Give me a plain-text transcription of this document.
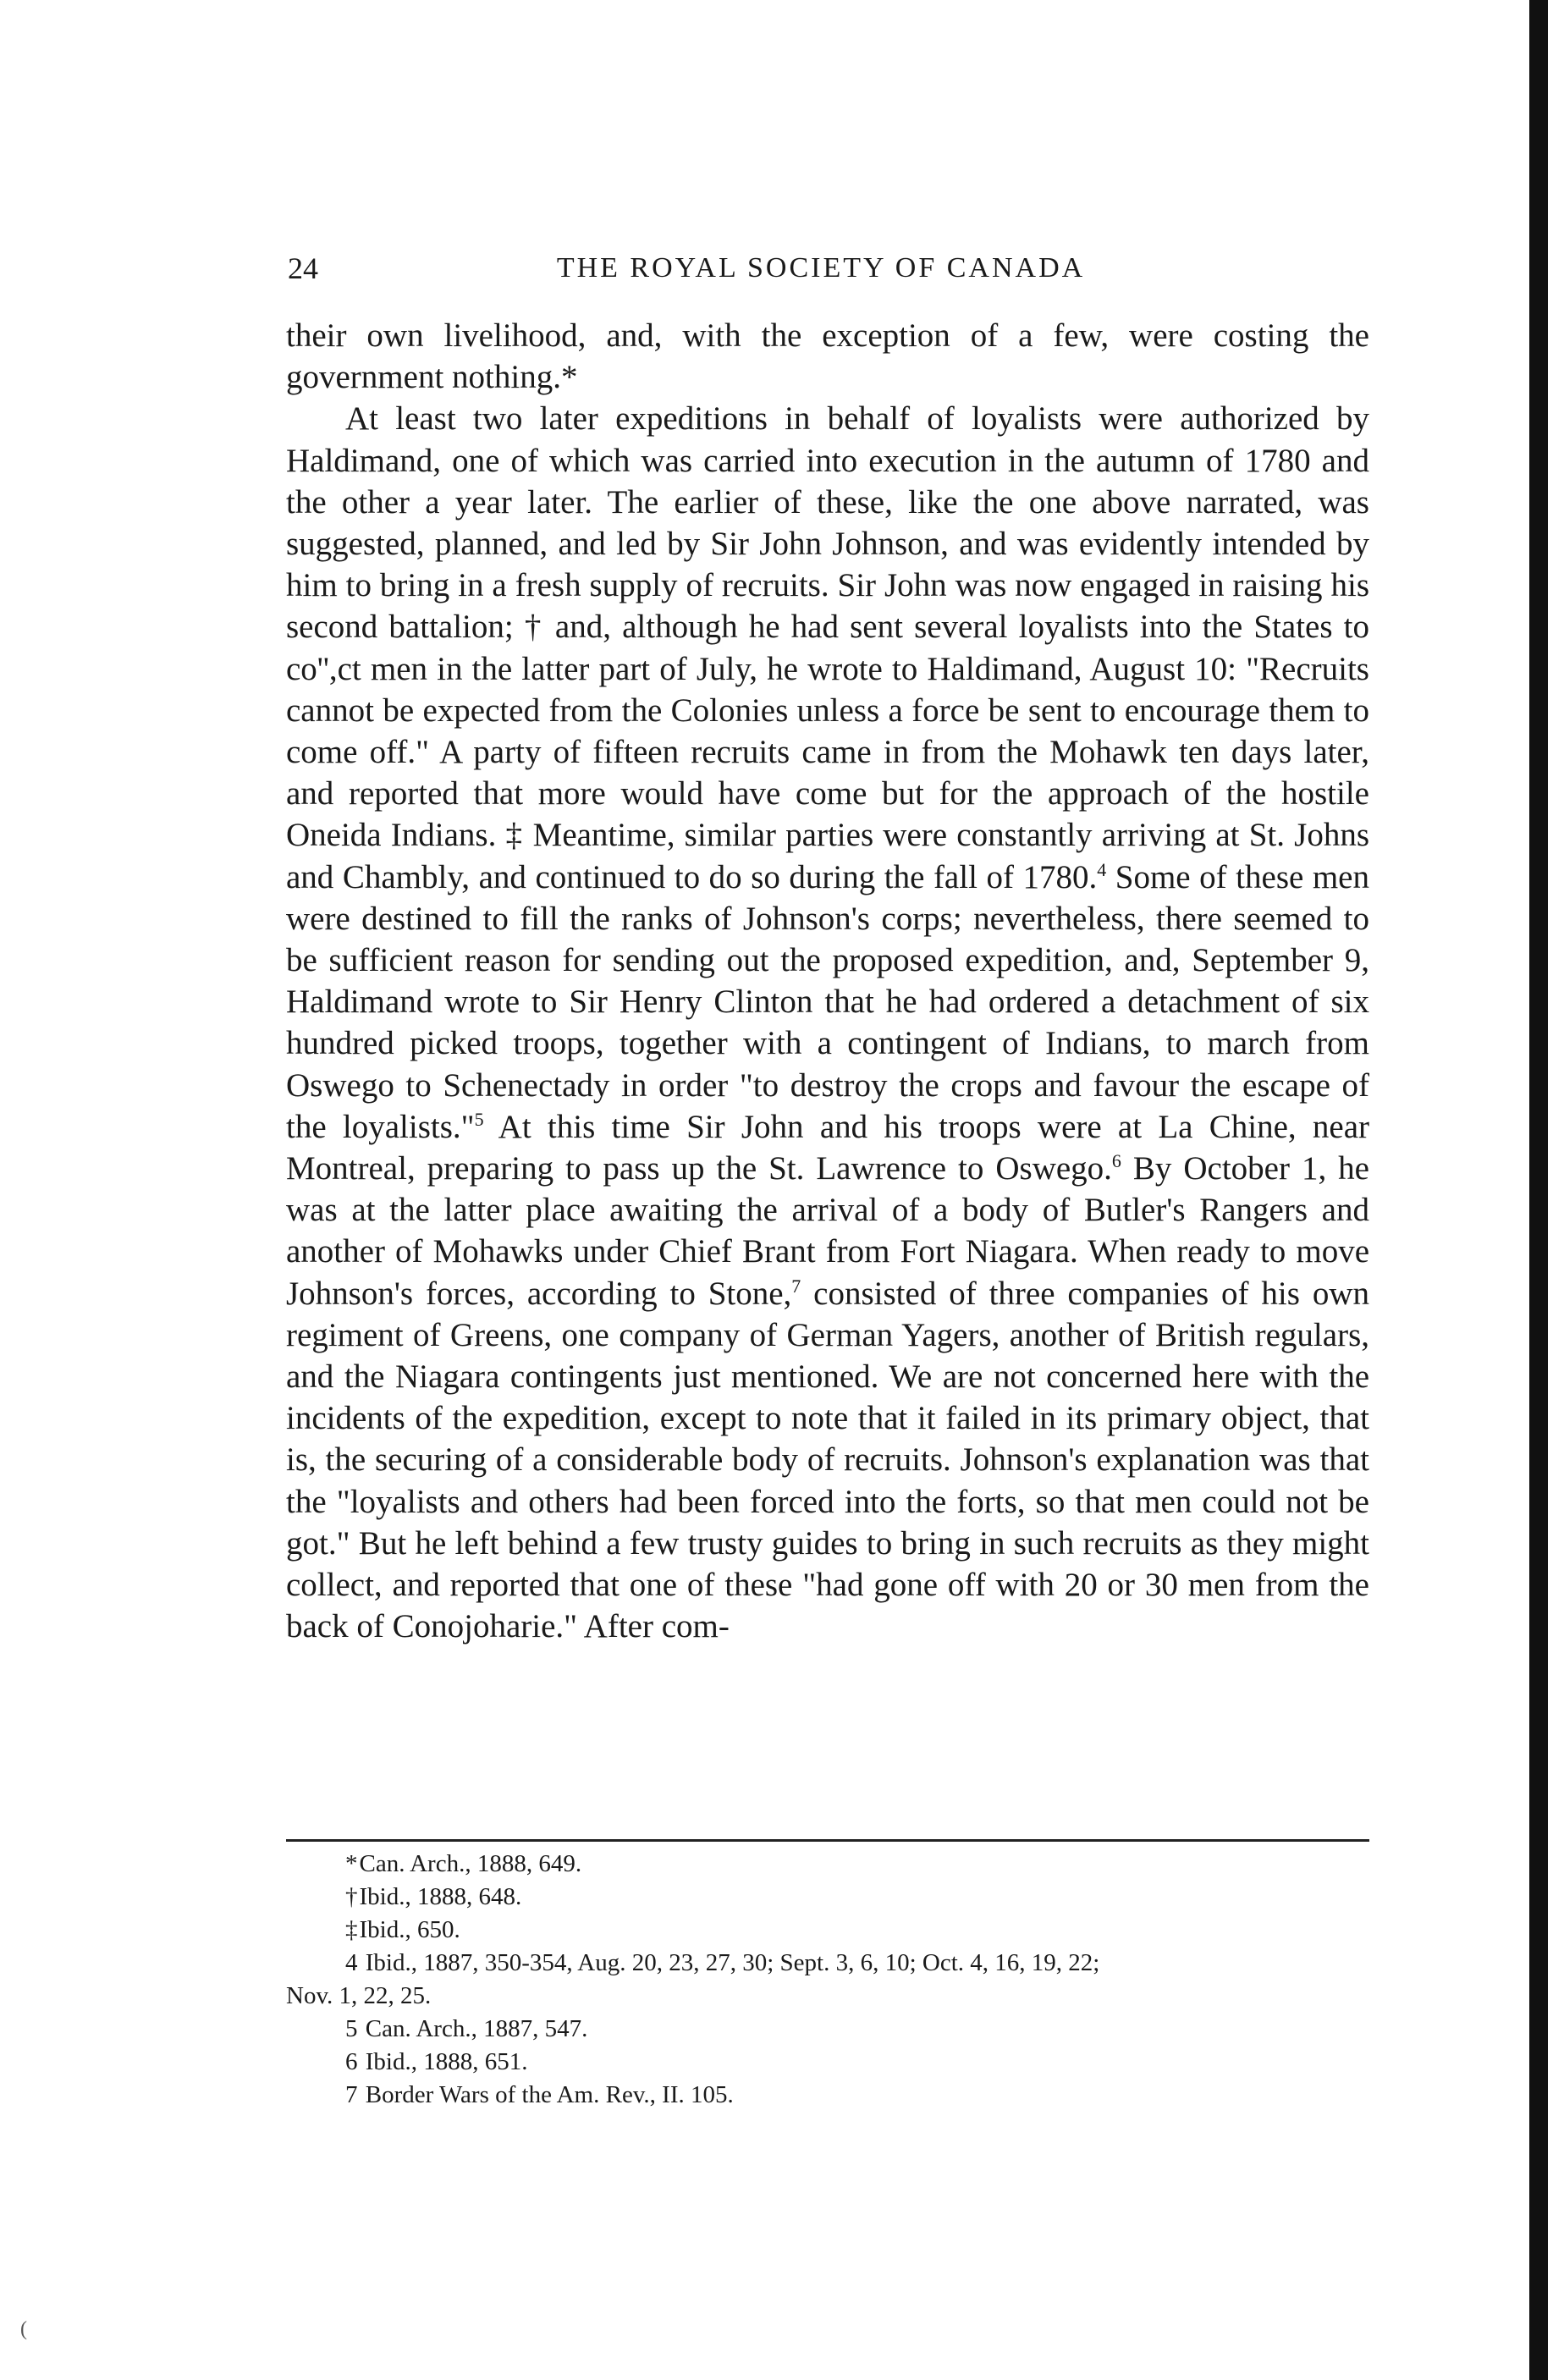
24	THE ROYAL SOCIETY OF CANADA

their own livelihood, and, with the exception of a few, were costing the government nothing.*

At least two later expeditions in behalf of loyalists were authorized by Haldimand, one of which was carried into execution in the autumn of 1780 and the other a year later. The earlier of these, like the one above narrated, was suggested, planned, and led by Sir John Johnson, and was evidently intended by him to bring in a fresh supply of recruits. Sir John was now engaged in raising his second battalion; † and, although he had sent several loyalists into the States to co'',ct men in the latter part of July, he wrote to Haldimand, August 10: "Recruits cannot be expected from the Colonies unless a force be sent to encourage them to come off." A party of fifteen recruits came in from the Mohawk ten days later, and reported that more would have come but for the approach of the hostile Oneida Indians. ‡ Meantime, similar parties were constantly arriving at St. Johns and Chambly, and continued to do so during the fall of 1780.$^4$ Some of these men were destined to fill the ranks of Johnson's corps; nevertheless, there seemed to be sufficient reason for sending out the proposed expedition, and, September 9, Haldimand wrote to Sir Henry Clinton that he had ordered a detachment of six hundred picked troops, together with a contingent of Indians, to march from Oswego to Schenectady in order "to destroy the crops and favour the escape of the loyalists."$^5$ At this time Sir John and his troops were at La Chine, near Montreal, preparing to pass up the St. Lawrence to Oswego.$^6$ By October 1, he was at the latter place awaiting the arrival of a body of Butler's Rangers and another of Mohawks under Chief Brant from Fort Niagara. When ready to move Johnson's forces, according to Stone,$^7$ consisted of three companies of his own regiment of Greens, one company of German Yagers, another of British regulars, and the Niagara contingents just mentioned. We are not concerned here with the incidents of the expedition, except to note that it failed in its primary object, that is, the securing of a considerable body of recruits. Johnson's explanation was that the "loyalists and others had been forced into the forts, so that men could not be got." But he left behind a few trusty guides to bring in such recruits as they might collect, and reported that one of these "had gone off with 20 or 30 men from the back of Conojoharie." After com-

*Can. Arch., 1888, 649.
†Ibid., 1888, 648.
‡Ibid., 650.
4 Ibid., 1887, 350-354, Aug. 20, 23, 27, 30; Sept. 3, 6, 10; Oct. 4, 16, 19, 22;
Nov. 1, 22, 25.
5 Can. Arch., 1887, 547.
6 Ibid., 1888, 651.
7 Border Wars of the Am. Rev., II. 105.
(
